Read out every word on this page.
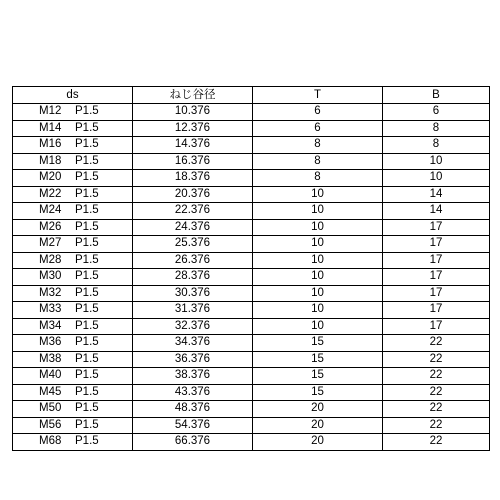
ds	ねじ谷径	T	B
M12 P1.5	10.376	6	6
M14 P1.5	12.376	6	8
M16 P1.5	14.376	8	8
M18 P1.5	16.376	8	10
M20 P1.5	18.376	8	10
M22 P1.5	20.376	10	14
M24 P1.5	22.376	10	14
M26 P1.5	24.376	10	17
M27 P1.5	25.376	10	17
M28 P1.5	26.376	10	17
M30 P1.5	28.376	10	17
M32 P1.5	30.376	10	17
M33 P1.5	31.376	10	17
M34 P1.5	32.376	10	17
M36 P1.5	34.376	15	22
M38 P1.5	36.376	15	22
M40 P1.5	38.376	15	22
M45 P1.5	43.376	15	22
M50 P1.5	48.376	20	22
M56 P1.5	54.376	20	22
M68 P1.5	66.376	20	22
